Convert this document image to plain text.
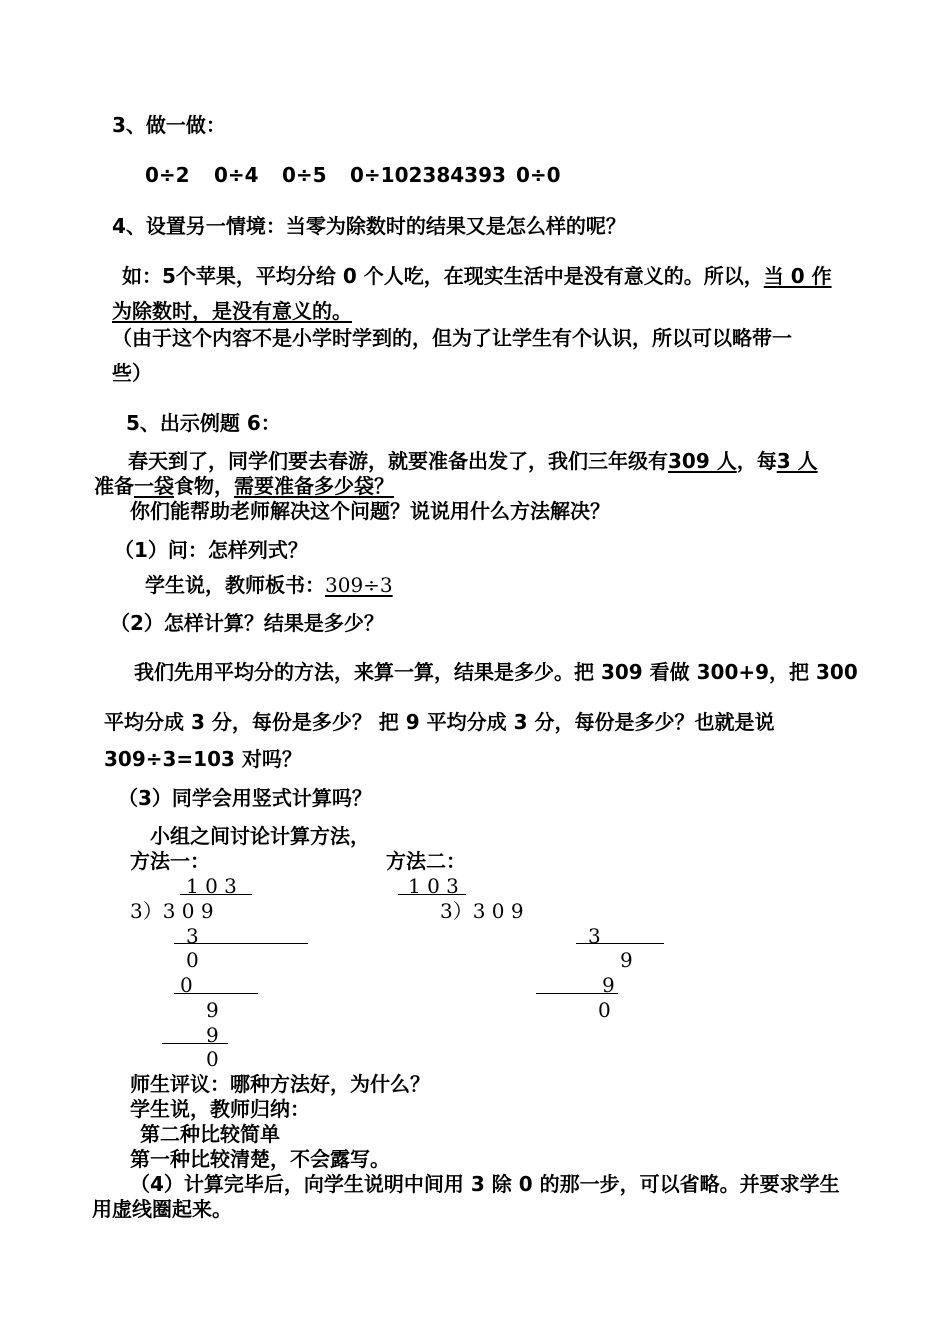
3、做一做：
0÷2 0÷4 0÷5 0÷102384393 0÷0
4、设置另一情境：当零为除数时的结果又是怎么样的呢？
如：5个苹果，平均分给 0 个人吃，在现实生活中是没有意义的。所以，当 0 作
为除数时，是没有意义的。
（由于这个内容不是小学时学到的，但为了让学生有个认识，所以可以略带一
些）
5、出示例题 6：
春天到了，同学们要去春游，就要准备出发了，我们三年级有309 人，每3 人
准备一袋食物，需要准备多少袋？
你们能帮助老师解决这个问题？说说用什么方法解决？
（1）问：怎样列式？
学生说，教师板书：309÷3
（2）怎样计算？结果是多少？
我们先用平均分的方法，来算一算，结果是多少。把 309 看做 300+9，把 300
平均分成 3 分，每份是多少？ 把 9 平均分成 3 分，每份是多少？也就是说
309÷3=103 对吗？
（3）同学会用竖式计算吗？
小组之间讨论计算方法，
方法一：
1 0 3
3）3 0 9
3
0
0
9
9
0
方法二：
1 0 3
3）3 0 9
3
9
9
0
师生评议：哪种方法好，为什么？
学生说，教师归纳：
第二种比较简单
第一种比较清楚，不会露写。
（4）计算完毕后，向学生说明中间用 3 除 0 的那一步，可以省略。并要求学生
用虚线圈起来。
